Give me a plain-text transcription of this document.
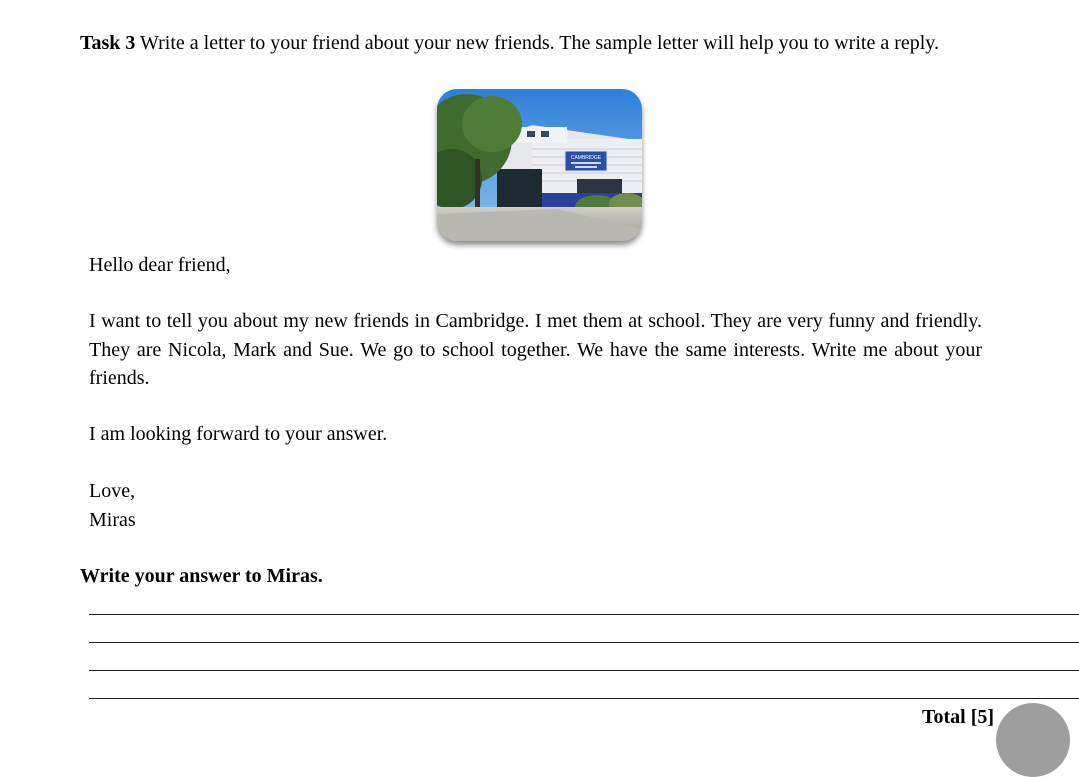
Task 3 Write a letter to your friend about your new friends. The sample letter will help you to write a reply.
CAMBRIDGE
Hello dear friend,
I want to tell you about my new friends in Cambridge. I met them at school. They are very funny and friendly. They are Nicola, Mark and Sue. We go to school together. We have the same interests. Write me about your friends.
I am looking forward to your answer.
Love,
Miras
Write your answer to Miras.
Total [5]
